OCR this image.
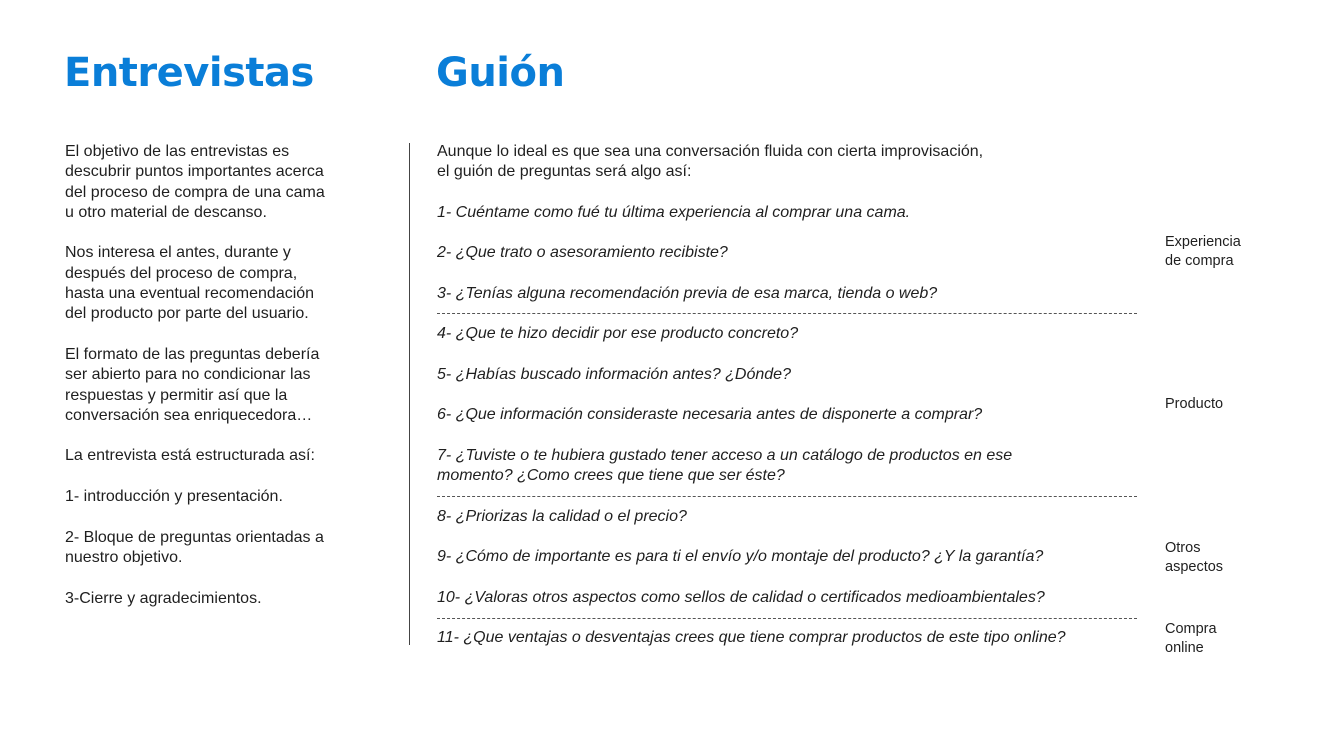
Entrevistas	Guión

El objetivo de las entrevistas es
descubrir puntos importantes acerca
del proceso de compra de una cama
u otro material de descanso.

Nos interesa el antes, durante y
después del proceso de compra,
hasta una eventual recomendación
del producto por parte del usuario.

El formato de las preguntas debería
ser abierto para no condicionar las
respuestas y permitir así que la
conversación sea enriquecedora…

La entrevista está estructurada así:

1- introducción y presentación.

2- Bloque de preguntas orientadas a
nuestro objetivo.

3-Cierre y agradecimientos.

Aunque lo ideal es que sea una conversación fluida con cierta improvisación,
el guión de preguntas será algo así:

1- Cuéntame como fué tu última experiencia al comprar una cama.

2- ¿Que trato o asesoramiento recibiste?

3- ¿Tenías alguna recomendación previa de esa marca, tienda o web?

4- ¿Que te hizo decidir por ese producto concreto?

5- ¿Habías buscado información antes? ¿Dónde?

6- ¿Que información consideraste necesaria antes de disponerte a comprar?

7- ¿Tuviste o te hubiera gustado tener acceso a un catálogo de productos en ese
momento? ¿Como crees que tiene que ser éste?

8- ¿Priorizas la calidad o el precio?

9- ¿Cómo de importante es para ti el envío y/o montaje del producto? ¿Y la garantía?

10- ¿Valoras otros aspectos como sellos de calidad o certificados medioambientales?

11- ¿Que ventajas o desventajas crees que tiene comprar productos de este tipo online?

Experiencia
de compra

Producto

Otros
aspectos

Compra
online
